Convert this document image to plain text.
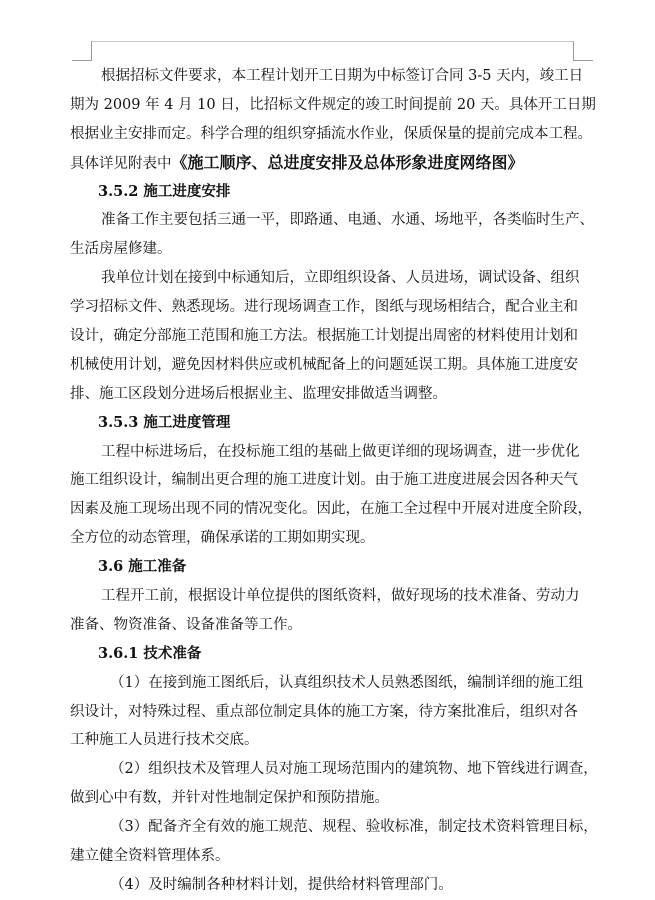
根据招标文件要求，本工程计划开工日期为中标签订合同 3-5 天内，竣工日
期为 2009 年 4 月 10 日，比招标文件规定的竣工时间提前 20 天。具体开工日期
根据业主安排而定。科学合理的组织穿插流水作业，保质保量的提前完成本工程。
具体详见附表中《施工顺序、总进度安排及总体形象进度网络图》
3.5.2 施工进度安排
准备工作主要包括三通一平，即路通、电通、水通、场地平，各类临时生产、
生活房屋修建。
我单位计划在接到中标通知后，立即组织设备、人员进场，调试设备、组织
学习招标文件、熟悉现场。进行现场调查工作，图纸与现场相结合，配合业主和
设计，确定分部施工范围和施工方法。根据施工计划提出周密的材料使用计划和
机械使用计划，避免因材料供应或机械配备上的问题延误工期。具体施工进度安
排、施工区段划分进场后根据业主、监理安排做适当调整。
3.5.3 施工进度管理
工程中标进场后，在投标施工组的基础上做更详细的现场调查，进一步优化
施工组织设计，编制出更合理的施工进度计划。由于施工进度进展会因各种天气
因素及施工现场出现不同的情况变化。因此，在施工全过程中开展对进度全阶段，
全方位的动态管理，确保承诺的工期如期实现。
3.6 施工准备
工程开工前，根据设计单位提供的图纸资料，做好现场的技术准备、劳动力
准备、物资准备、设备准备等工作。
3.6.1 技术准备
（1）在接到施工图纸后，认真组织技术人员熟悉图纸，编制详细的施工组
织设计，对特殊过程、重点部位制定具体的施工方案，待方案批准后，组织对各
工种施工人员进行技术交底。
（2）组织技术及管理人员对施工现场范围内的建筑物、地下管线进行调查，
做到心中有数，并针对性地制定保护和预防措施。
（3）配备齐全有效的施工规范、规程、验收标准，制定技术资料管理目标，
建立健全资料管理体系。
（4）及时编制各种材料计划，提供给材料管理部门。
